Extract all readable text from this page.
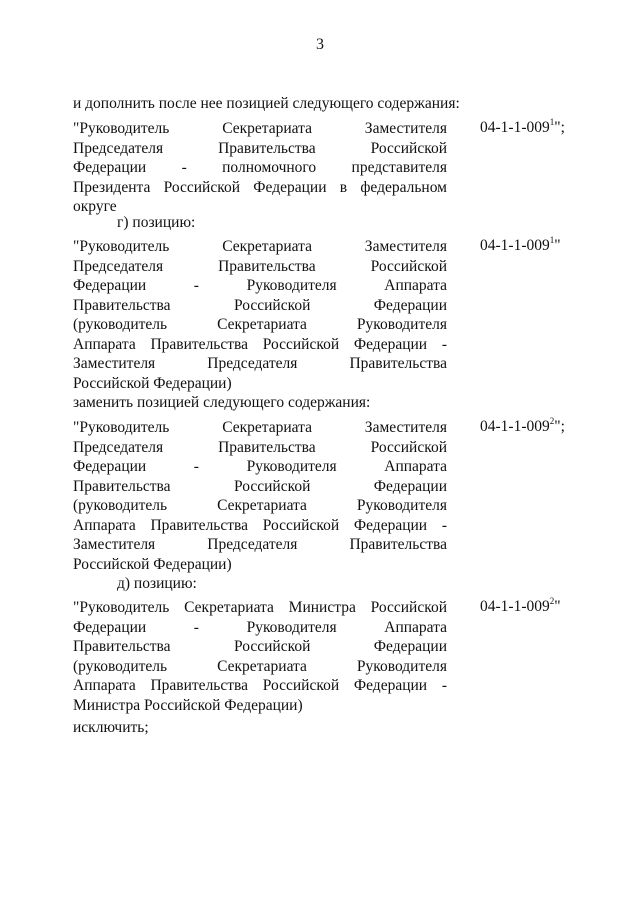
3
и дополнить после нее позицией следующего содержания:
"Руководитель Секретариата Заместителя
Председателя Правительства Российской
Федерации - полномочного представителя
Президента Российской Федерации в федеральном
округе
$04-1-1-009^1$";
г) позицию:
"Руководитель Секретариата Заместителя
Председателя Правительства Российской
Федерации - Руководителя Аппарата
Правительства Российской Федерации
(руководитель Секретариата Руководителя
Аппарата Правительства Российской Федерации -
Заместителя Председателя Правительства
Российской Федерации)
$04-1-1-009^1$"
заменить позицией следующего содержания:
"Руководитель Секретариата Заместителя
Председателя Правительства Российской
Федерации - Руководителя Аппарата
Правительства Российской Федерации
(руководитель Секретариата Руководителя
Аппарата Правительства Российской Федерации -
Заместителя Председателя Правительства
Российской Федерации)
$04-1-1-009^2$";
д) позицию:
"Руководитель Секретариата Министра Российской
Федерации - Руководителя Аппарата
Правительства Российской Федерации
(руководитель Секретариата Руководителя
Аппарата Правительства Российской Федерации -
Министра Российской Федерации)
$04-1-1-009^2$"
исключить;
